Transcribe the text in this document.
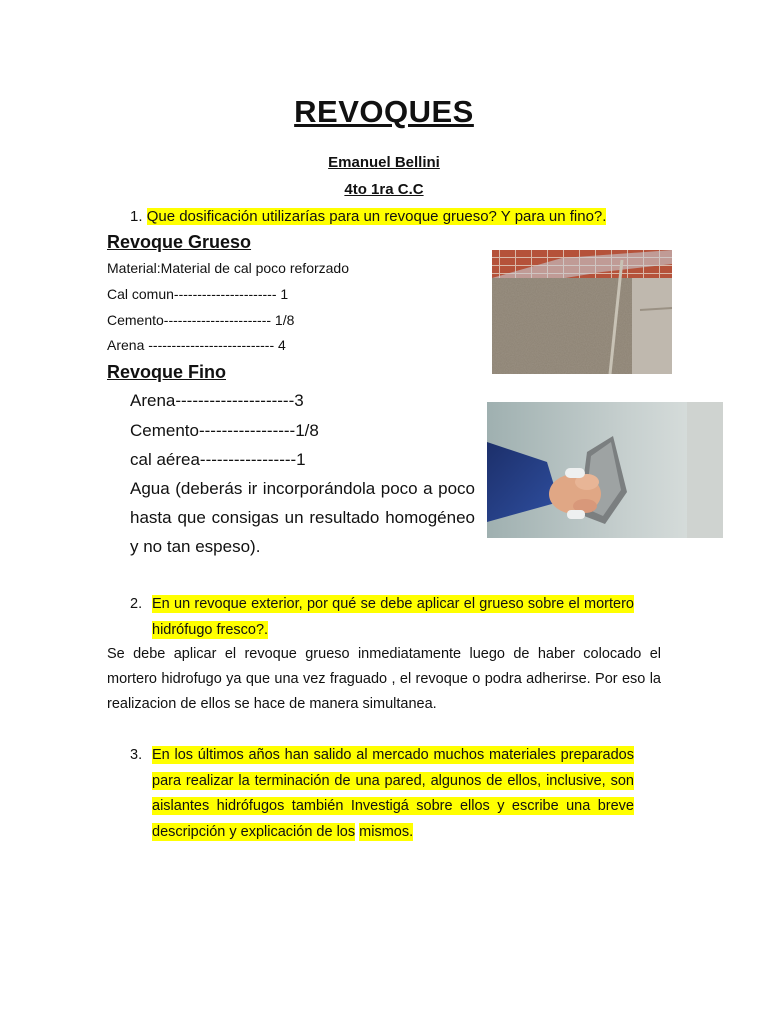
REVOQUES
Emanuel Bellini
4to 1ra C.C
1. Que dosificación utilizarías para un revoque grueso? Y para un fino?.
Revoque Grueso
Material:Material de cal poco reforzado
Cal comun---------------------- 1
Cemento----------------------- 1/8
Arena --------------------------- 4
Revoque Fino
Arena---------------------3
Cemento-----------------1/8
cal aérea-----------------1
Agua (deberás ir incorporándola poco a poco hasta que consigas un resultado homogéneo y no tan espeso).
2. En un revoque exterior, por qué se debe aplicar el grueso sobre el mortero hidrófugo fresco?.
Se debe aplicar el revoque grueso inmediatamente luego de haber colocado el mortero hidrofugo ya que una vez fraguado , el revoque o podra adherirse. Por eso la realizacion de ellos se hace de manera simultanea.
3. En los últimos años han salido al mercado muchos materiales preparados para realizar la terminación de una pared, algunos de ellos, inclusive, son aislantes hidrófugos también Investigá sobre ellos y escribe una breve descripción y explicación de los mismos.
